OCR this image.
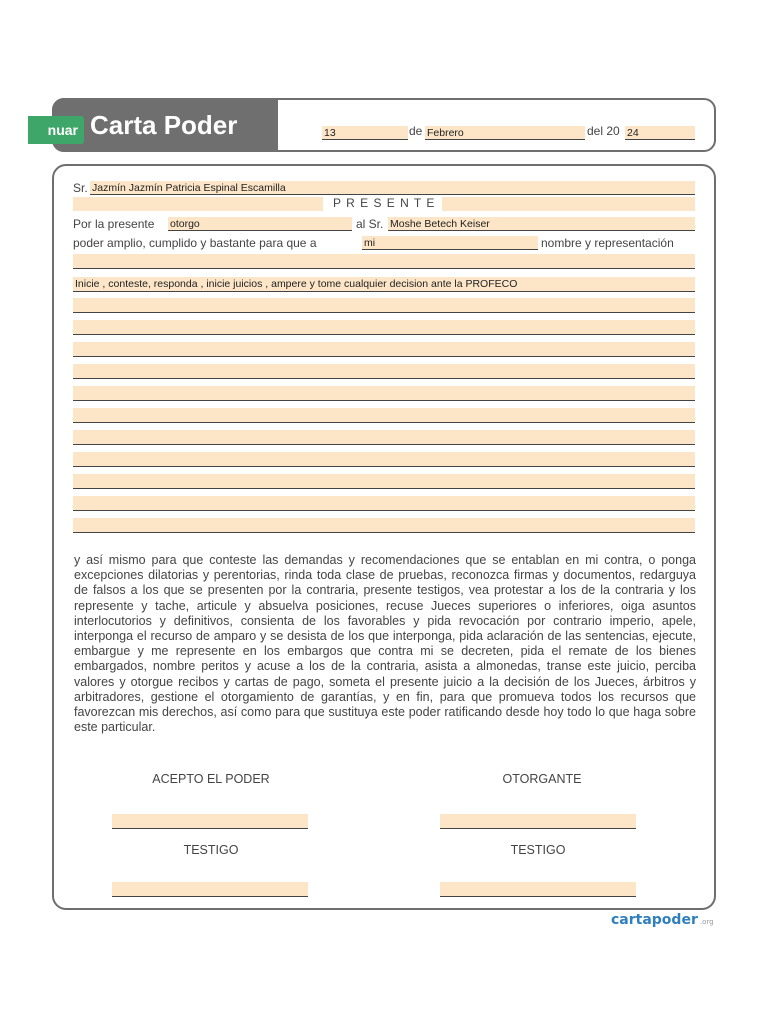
nuar Carta Poder	13	de Febrero	del 20 24
Sr. Jazmín Jazmín Patricia Espinal Escamilla
P R E S E N T E
Por la presente otorgo	al Sr. Moshe Betech Keiser
poder amplio, cumplido y bastante para que a	mi	nombre y representación
Inicie , conteste, responda , inicie juicios , ampere y tome cualquier decision ante la PROFECO
y así mismo para que conteste las demandas y recomendaciones que se entablan en mi contra, o ponga excepciones dilatorias y perentorias, rinda toda clase de pruebas, reconozca firmas y documentos, redarguya de falsos a los que se presenten por la contraria, presente testigos, vea protestar a los de la contraria y los represente y tache, articule y absuelva posiciones, recuse Jueces superiores o inferiores, oiga asuntos interlocutorios y definitivos, consienta de los favorables y pida revocación por contrario imperio, apele, interponga el recurso de amparo y se desista de los que interponga, pida aclaración de las sentencias, ejecute, embargue y me represente en los embargos que contra mi se decreten, pida el remate de los bienes embargados, nombre peritos y acuse a los de la contraria, asista a almonedas, transe este juicio, perciba valores y otorgue recibos y cartas de pago, someta el presente juicio a la decisión de los Jueces, árbitros y arbitradores, gestione el otorgamiento de garantías, y en fin, para que promueva todos los recursos que favorezcan mis derechos, así como para que sustituya este poder ratificando desde hoy todo lo que haga sobre este particular.
ACEPTO EL PODER	OTORGANTE
TESTIGO	TESTIGO
cartapoder .org
